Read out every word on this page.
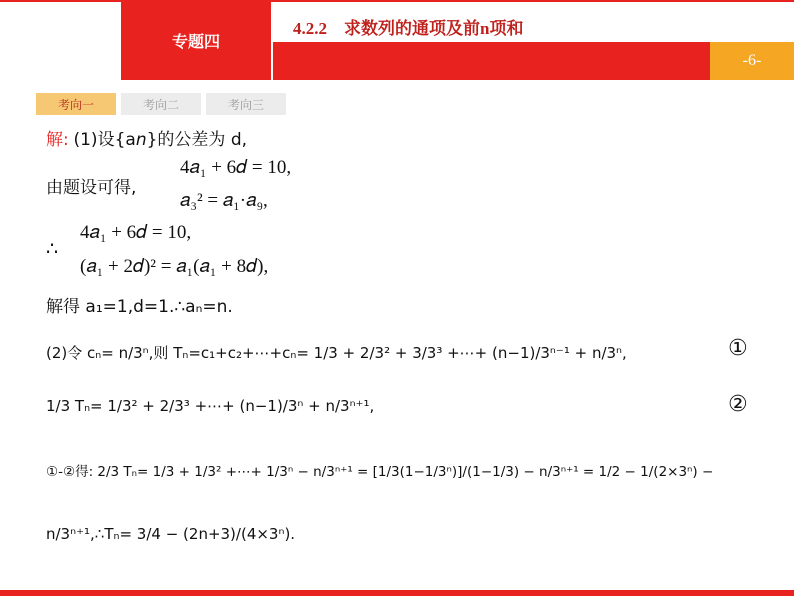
专题四
4.2.2　求数列的通项及前n项和
-6-
考向一	考向二	考向三
解: (1)设{an}的公差为 d,
由题设可得,
4𝑎₁ + 6𝑑 = 10,
𝑎₃² = 𝑎₁·𝑎₉,
∴
4𝑎₁ + 6𝑑 = 10,
(𝑎₁ + 2𝑑)² = 𝑎₁(𝑎₁ + 8𝑑),
解得 a₁=1,d=1.∴aₙ=n.
(2)令 cₙ= n/3ⁿ,则 Tₙ=c₁+c₂+⋯+cₙ= 1/3 + 2/3² + 3/3³ +⋯+ (n−1)/3ⁿ⁻¹ + n/3ⁿ,	①
1/3 Tₙ= 1/3² + 2/3³ +⋯+ (n−1)/3ⁿ + n/3ⁿ⁺¹,	②
①-②得: 2/3 Tₙ= 1/3 + 1/3² +⋯+ 1/3ⁿ − n/3ⁿ⁺¹ = [1/3(1−1/3ⁿ)]/(1−1/3) − n/3ⁿ⁺¹ = 1/2 − 1/(2×3ⁿ) −
n/3ⁿ⁺¹,∴Tₙ= 3/4 − (2n+3)/(4×3ⁿ).
